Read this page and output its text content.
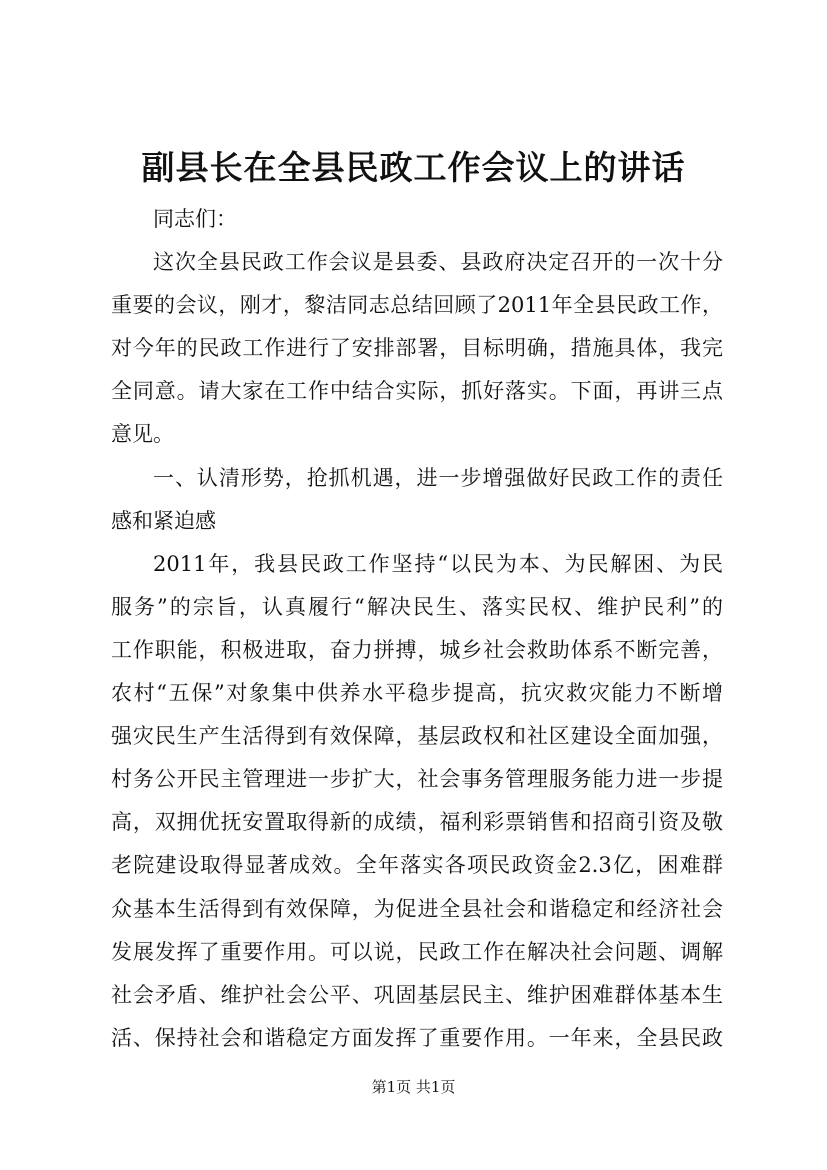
副县长在全县民政工作会议上的讲话
同志们：
这次全县民政工作会议是县委、县政府决定召开的一次十分
重要的会议，刚才，黎洁同志总结回顾了2011年全县民政工作，
对今年的民政工作进行了安排部署，目标明确，措施具体，我完
全同意。请大家在工作中结合实际，抓好落实。下面，再讲三点
意见。
一、认清形势，抢抓机遇，进一步增强做好民政工作的责任
感和紧迫感
2011年，我县民政工作坚持“以民为本、为民解困、为民
服务”的宗旨，认真履行“解决民生、落实民权、维护民利”的
工作职能，积极进取，奋力拼搏，城乡社会救助体系不断完善，
农村“五保”对象集中供养水平稳步提高，抗灾救灾能力不断增
强灾民生产生活得到有效保障，基层政权和社区建设全面加强，
村务公开民主管理进一步扩大，社会事务管理服务能力进一步提
高，双拥优抚安置取得新的成绩，福利彩票销售和招商引资及敬
老院建设取得显著成效。全年落实各项民政资金2.3亿，困难群
众基本生活得到有效保障，为促进全县社会和谐稳定和经济社会
发展发挥了重要作用。可以说，民政工作在解决社会问题、调解
社会矛盾、维护社会公平、巩固基层民主、维护困难群体基本生
活、保持社会和谐稳定方面发挥了重要作用。一年来，全县民政
第1页 共1页
